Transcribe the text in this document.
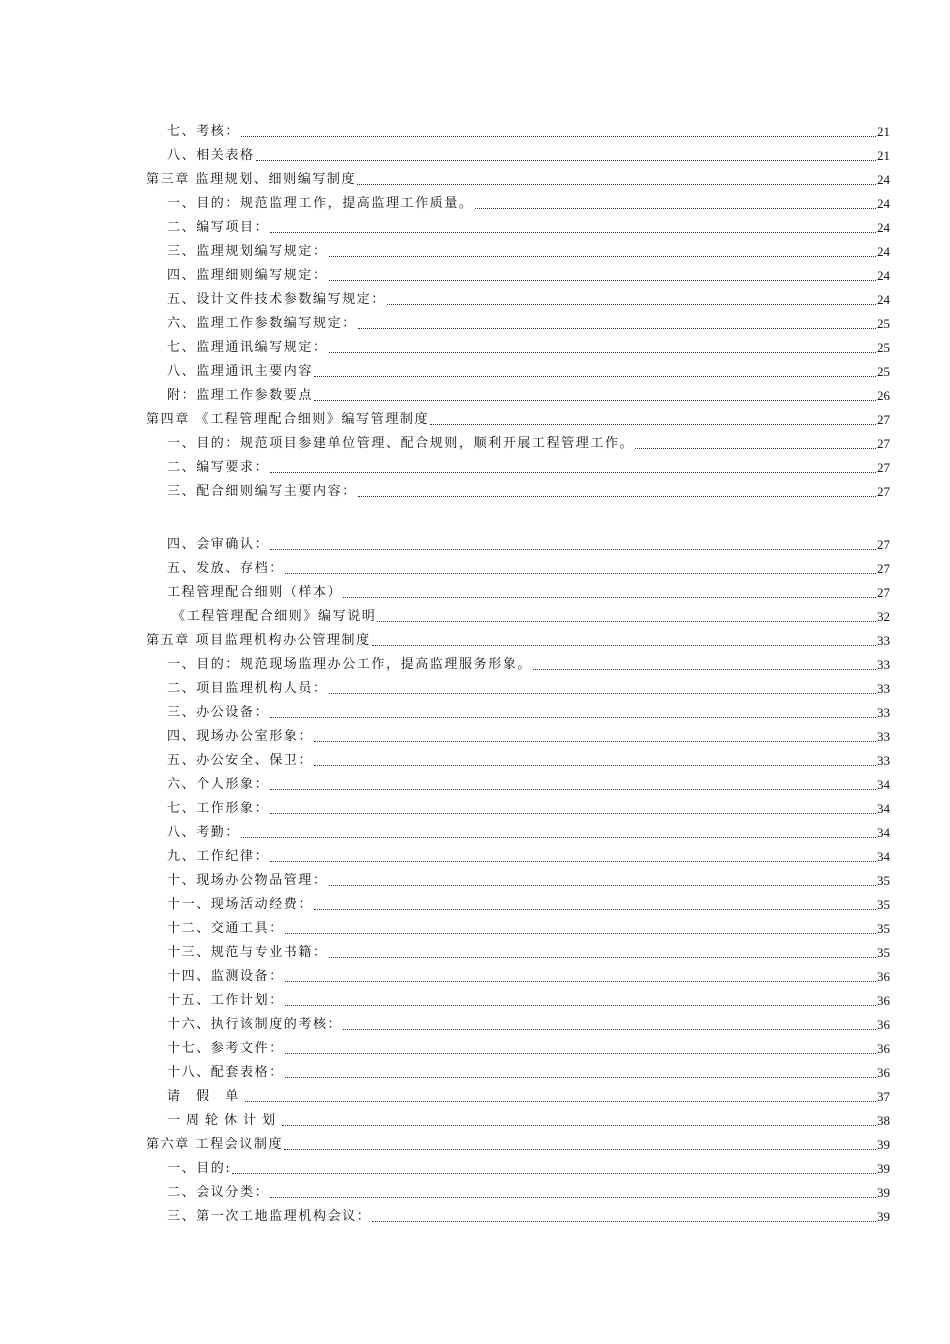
七、考核：	21
八、相关表格	21
第三章 监理规划、细则编写制度	24
一、目的：规范监理工作，提高监理工作质量。	24
二、编写项目：	24
三、监理规划编写规定：	24
四、监理细则编写规定：	24
五、设计文件技术参数编写规定：	24
六、监理工作参数编写规定：	25
七、监理通讯编写规定：	25
八、监理通讯主要内容	25
附：监理工作参数要点	26
第四章 《工程管理配合细则》编写管理制度	27
一、目的：规范项目参建单位管理、配合规则，顺利开展工程管理工作。	27
二、编写要求：	27
三、配合细则编写主要内容：	27
四、会审确认：	27
五、发放、存档：	27
工程管理配合细则（样本）	27
《工程管理配合细则》编写说明	32
第五章 项目监理机构办公管理制度	33
一、目的：规范现场监理办公工作，提高监理服务形象。	33
二、项目监理机构人员：	33
三、办公设备：	33
四、现场办公室形象：	33
五、办公安全、保卫：	33
六、个人形象：	34
七、工作形象：	34
八、考勤：	34
九、工作纪律：	34
十、现场办公物品管理：	35
十一、现场活动经费：	35
十二、交通工具：	35
十三、规范与专业书籍：	35
十四、监测设备：	36
十五、工作计划：	36
十六、执行该制度的考核：	36
十七、参考文件：	36
十八、配套表格：	36
请 假 单	37
一周轮休计划	38
第六章 工程会议制度	39
一、目的:	39
二、会议分类：	39
三、第一次工地监理机构会议：	39
